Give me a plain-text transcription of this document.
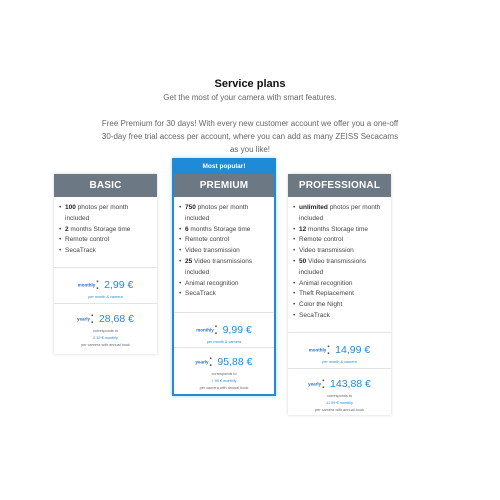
Service plans
Get the most of your camera with smart features.
Free Premium for 30 days! With every new customer account we offer you a one-off 30-day free trial access per account, where you can add as many ZEISS Secacams as you like!
BASIC
• 100 photos per month included
• 2 months Storage time
• Remote control
• SecaTrack
monthly: 2,99 €
per month & camera
yearly: 28,68 €
corresponds to
2.39 € monthly
per camera with annual book
Most popular!
PREMIUM
• 750 photos per month included
• 6 months Storage time
• Remote control
• Video transmission
• 25 Video transmissions included
• Animal recognition
• SecaTrack
monthly: 9,99 €
per month & camera
yearly: 95,88 €
corresponds to
7.99 € monthly
per camera with annual book
PROFESSIONAL
• unlimited photos per month included
• 12 months Storage time
• Remote control
• Video transmission
• 50 Video transmissions included
• Animal recognition
• Theft Replacement
• Color the Night
• SecaTrack
monthly: 14,99 €
per month & camera
yearly: 143,88 €
corresponds to
11.99 € monthly
per camera with annual book
